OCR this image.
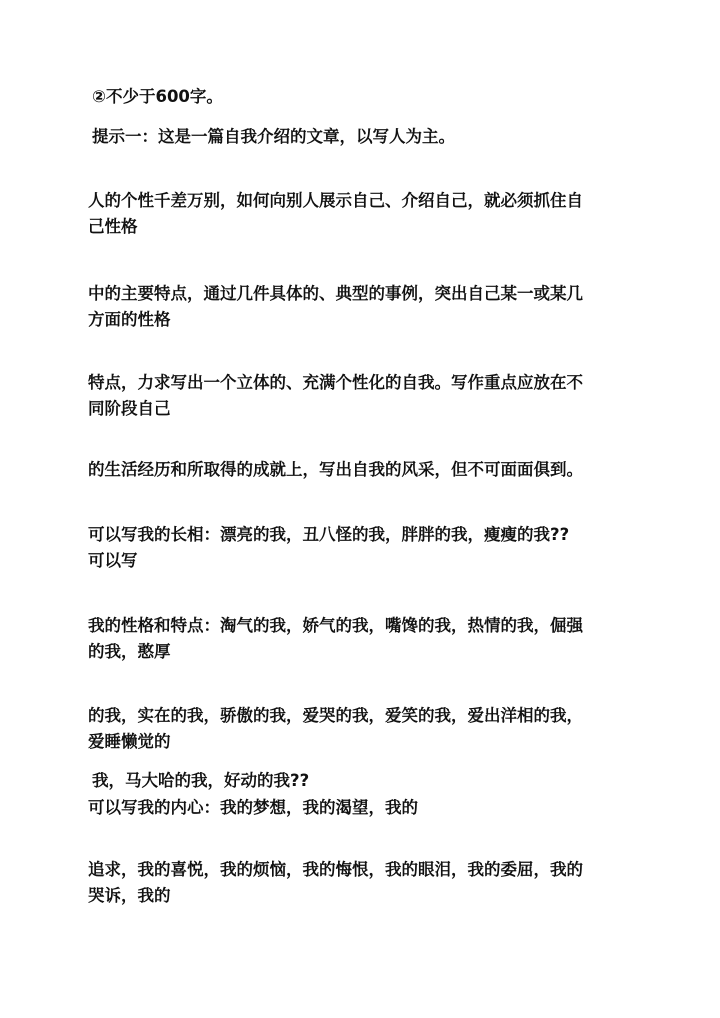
②不少于600字。
提示一：这是一篇自我介绍的文章，以写人为主。
人的个性千差万别，如何向别人展示自己、介绍自己，就必须抓住自
己性格
中的主要特点，通过几件具体的、典型的事例，突出自己某一或某几
方面的性格
特点，力求写出一个立体的、充满个性化的自我。写作重点应放在不
同阶段自己
的生活经历和所取得的成就上，写出自我的风采，但不可面面俱到。
可以写我的长相：漂亮的我，丑八怪的我，胖胖的我，瘦瘦的我??
可以写
我的性格和特点：淘气的我，娇气的我，嘴馋的我，热情的我，倔强
的我，憨厚
的我，实在的我，骄傲的我，爱哭的我，爱笑的我，爱出洋相的我，
爱睡懒觉的
我，马大哈的我，好动的我??
可以写我的内心：我的梦想，我的渴望，我的
追求，我的喜悦，我的烦恼，我的悔恨，我的眼泪，我的委屈，我的
哭诉，我的
